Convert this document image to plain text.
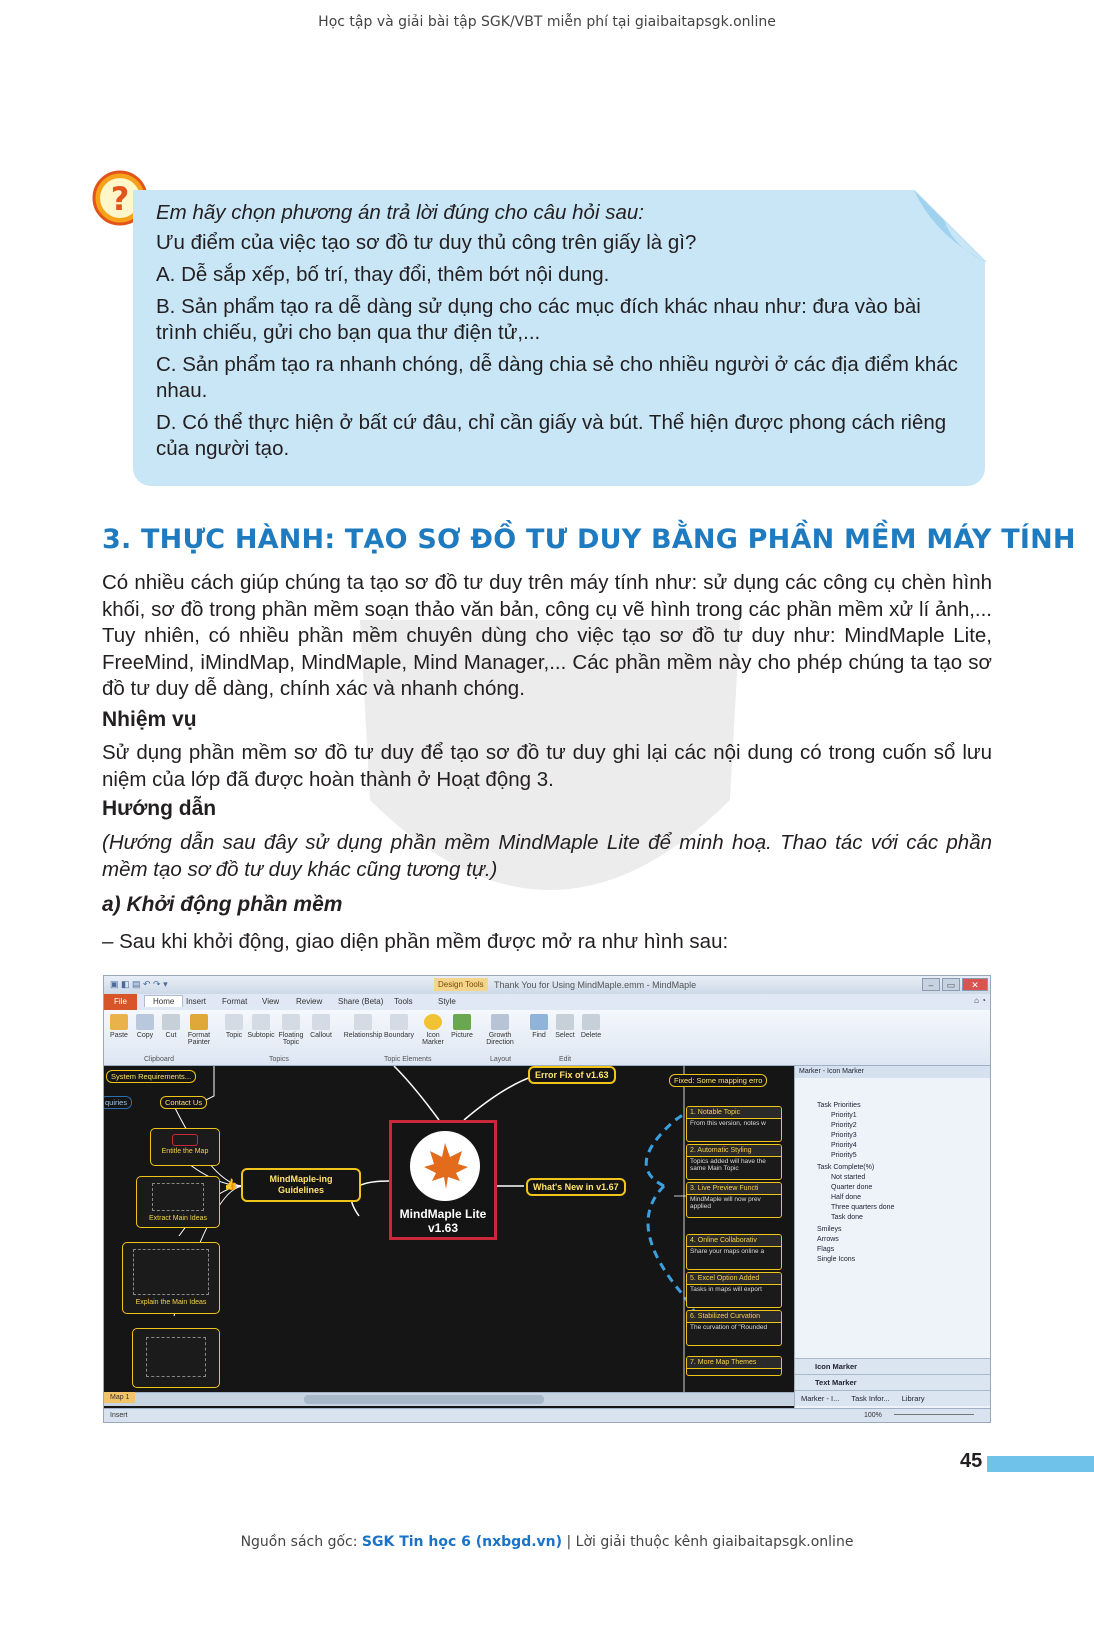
Học tập và giải bài tập SGK/VBT miễn phí tại giaibaitapsgk.online
? Em hãy chọn phương án trả lời đúng cho câu hỏi sau:

Ưu điểm của việc tạo sơ đồ tư duy thủ công trên giấy là gì?

A. Dễ sắp xếp, bố trí, thay đổi, thêm bớt nội dung.

B. Sản phẩm tạo ra dễ dàng sử dụng cho các mục đích khác nhau như: đưa vào bài trình chiếu, gửi cho bạn qua thư điện tử,...

C. Sản phẩm tạo ra nhanh chóng, dễ dàng chia sẻ cho nhiều người ở các địa điểm khác nhau.

D. Có thể thực hiện ở bất cứ đâu, chỉ cần giấy và bút. Thể hiện được phong cách riêng của người tạo.

3. THỰC HÀNH: TẠO SƠ ĐỒ TƯ DUY BẰNG PHẦN MỀM MÁY TÍNH
Có nhiều cách giúp chúng ta tạo sơ đồ tư duy trên máy tính như: sử dụng các công cụ chèn hình khối, sơ đồ trong phần mềm soạn thảo văn bản, công cụ vẽ hình trong các phần mềm xử lí ảnh,... Tuy nhiên, có nhiều phần mềm chuyên dùng cho việc tạo sơ đồ tư duy như: MindMaple Lite, FreeMind, iMindMap, MindMaple, Mind Manager,... Các phần mềm này cho phép chúng ta tạo sơ đồ tư duy dễ dàng, chính xác và nhanh chóng.
Nhiệm vụ
Sử dụng phần mềm sơ đồ tư duy để tạo sơ đồ tư duy ghi lại các nội dung có trong cuốn sổ lưu niệm của lớp đã được hoàn thành ở Hoạt động 3.
Hướng dẫn
(Hướng dẫn sau đây sử dụng phần mềm MindMaple Lite để minh hoạ. Thao tác với các phần mềm tạo sơ đồ tư duy khác cũng tương tự.)
a) Khởi động phần mềm
– Sau khi khởi động, giao diện phần mềm được mở ra như hình sau:
▣ ◧ ▤ ↶ ↷ ▾	Design Tools	Thank You for Using MindMaple.emm - MindMaple	–	▭	✕
File	Home	Insert Format View Review Share (Beta) Tools	Style	⌂ ◔
Paste	Copy	Cut	Format Painter
Topic Subtopic Floating Topic
Callout	Relationship Boundary	Icon Marker
Picture	Growth Direction
Find	Select Delete
Clipboard	Topics	Topic Elements	Layout	Edit
System Requirements...
Contact Us
quiries
Entitle the Map
Extract Main Ideas
Explain the Main Ideas
MindMaple-ing Guidelines
👍
MindMaple Lite v1.63
Error Fix of v1.63
Fixed: Some mapping erro
What's New in v1.67
1. Notable Topic
From this version, notes w
2. Automatic Styling
Topics added will have the same Main Topic
3. Live Preview Functi
MindMaple will now prev applied
4. Online Collaborativ
Share your maps online a
5. Excel Option Added
Tasks in maps will export
6. Stabilized Curvation
The curvation of "Rounded
7. More Map Themes
Marker - Icon Marker
Task Priorities
Priority1
Priority2
Priority3
Priority4
Priority5
Task Complete(%)
Not started
Quarter done
Half done
Three quarters done
Task done
Smileys
Arrows
Flags
Single Icons
Icon Marker
Text Marker
Marker - I... Task Infor... Library
Map 1
Insert	100%
45
Nguồn sách gốc: SGK Tin học 6 (nxbgd.vn) | Lời giải thuộc kênh giaibaitapsgk.online
